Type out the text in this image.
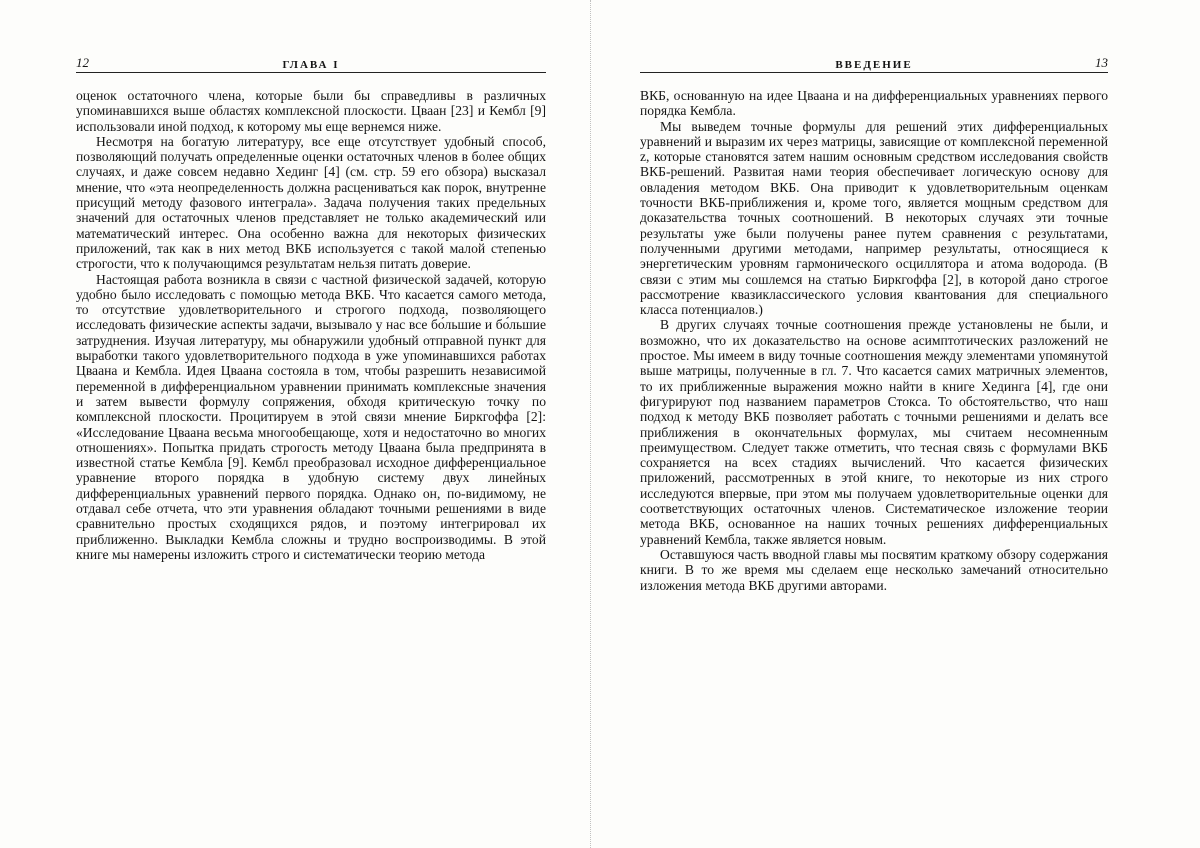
12	ГЛАВА I

оценок остаточного члена, которые были бы справедливы в различных упоминавшихся выше областях комплексной плоскости. Цваан [23] и Кембл [9] использовали иной подход, к которому мы еще вернемся ниже.

Несмотря на богатую литературу, все еще отсутствует удобный способ, позволяющий получать определенные оценки остаточных членов в более общих случаях, и даже совсем недавно Хединг [4] (см. стр. 59 его обзора) высказал мнение, что «эта неопределенность должна расцениваться как порок, внутренне присущий методу фазового интеграла». Задача получения таких предельных значений для остаточных членов представляет не только академический или математический интерес. Она особенно важна для некоторых физических приложений, так как в них метод ВКБ используется с такой малой степенью строгости, что к получающимся результатам нельзя питать доверие.

Настоящая работа возникла в связи с частной физической задачей, которую удобно было исследовать с помощью метода ВКБ. Что касается самого метода, то отсутствие удовлетворительного и строгого подхода, позволяющего исследовать физические аспекты задачи, вызывало у нас все бо́льшие и бо́льшие затруднения. Изучая литературу, мы обнаружили удобный отправной пункт для выработки такого удовлетворительного подхода в уже упоминавшихся работах Цваана и Кембла. Идея Цваана состояла в том, чтобы разрешить независимой переменной в дифференциальном уравнении принимать комплексные значения и затем вывести формулу сопряжения, обходя критическую точку по комплексной плоскости. Процитируем в этой связи мнение Биркгоффа [2]: «Исследование Цваана весьма многообещающе, хотя и недостаточно во многих отношениях». Попытка придать строгость методу Цваана была предпринята в известной статье Кембла [9]. Кембл преобразовал исходное дифференциальное уравнение второго порядка в удобную систему двух линейных дифференциальных уравнений первого порядка. Однако он, по-видимому, не отдавал себе отчета, что эти уравнения обладают точными решениями в виде сравнительно простых сходящихся рядов, и поэтому интегрировал их приближенно. Выкладки Кембла сложны и трудно воспроизводимы. В этой книге мы намерены изложить строго и систематически теорию метода

ВВЕДЕНИЕ	13

ВКБ, основанную на идее Цваана и на дифференциальных уравнениях первого порядка Кембла.

Мы выведем точные формулы для решений этих дифференциальных уравнений и выразим их через матрицы, зависящие от комплексной переменной z, которые становятся затем нашим основным средством исследования свойств ВКБ-решений. Развитая нами теория обеспечивает логическую основу для овладения методом ВКБ. Она приводит к удовлетворительным оценкам точности ВКБ-приближения и, кроме того, является мощным средством для доказательства точных соотношений. В некоторых случаях эти точные результаты уже были получены ранее путем сравнения с результатами, полученными другими методами, например результаты, относящиеся к энергетическим уровням гармонического осциллятора и атома водорода. (В связи с этим мы сошлемся на статью Биркгоффа [2], в которой дано строгое рассмотрение квазиклассического условия квантования для специального класса потенциалов.)

В других случаях точные соотношения прежде установлены не были, и возможно, что их доказательство на основе асимптотических разложений не простое. Мы имеем в виду точные соотношения между элементами упомянутой выше матрицы, полученные в гл. 7. Что касается самих матричных элементов, то их приближенные выражения можно найти в книге Хединга [4], где они фигурируют под названием параметров Стокса. То обстоятельство, что наш подход к методу ВКБ позволяет работать с точными решениями и делать все приближения в окончательных формулах, мы считаем несомненным преимуществом. Следует также отметить, что тесная связь с формулами ВКБ сохраняется на всех стадиях вычислений. Что касается физических приложений, рассмотренных в этой книге, то некоторые из них строго исследуются впервые, при этом мы получаем удовлетворительные оценки для соответствующих остаточных членов. Систематическое изложение теории метода ВКБ, основанное на наших точных решениях дифференциальных уравнений Кембла, также является новым.

Оставшуюся часть вводной главы мы посвятим краткому обзору содержания книги. В то же время мы сделаем еще несколько замечаний относительно изложения метода ВКБ другими авторами.
